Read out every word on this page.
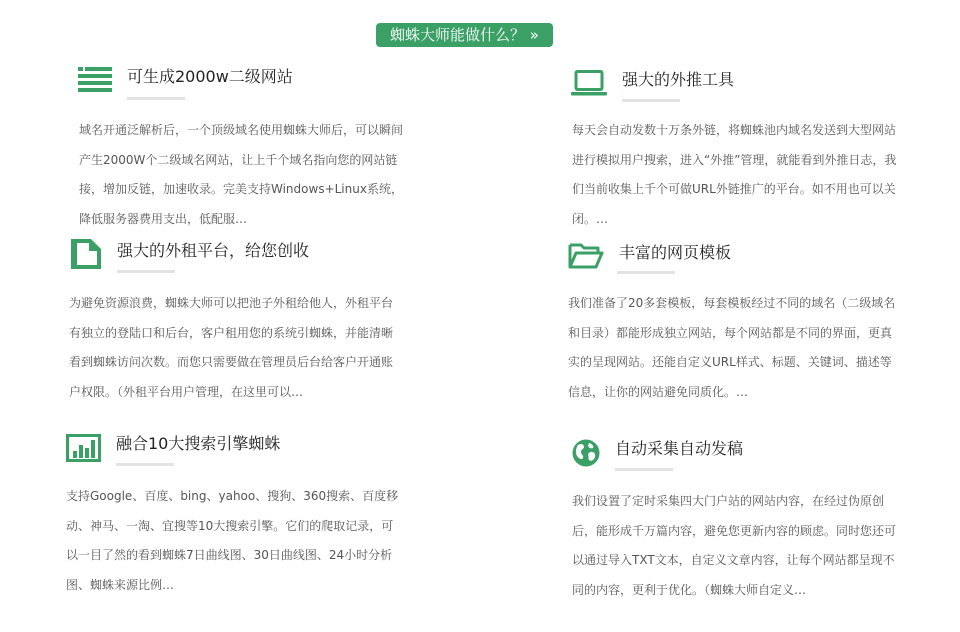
蜘蛛大师能做什么？ »
可生成2000w二级网站
域名开通泛解析后，一个顶级域名使用蜘蛛大师后，可以瞬间产生2000W个二级域名网站，让上千个域名指向您的网站链接，增加反链，加速收录。完美支持Windows+Linux系统，降低服务器费用支出，低配服…
强大的外推工具
每天会自动发数十万条外链，将蜘蛛池内域名发送到大型网站进行模拟用户搜索，进入“外推”管理，就能看到外推日志，我们当前收集上千个可做URL外链推广的平台。如不用也可以关闭。…
强大的外租平台，给您创收
为避免资源浪费，蜘蛛大师可以把池子外租给他人，外租平台有独立的登陆口和后台，客户租用您的系统引蜘蛛，并能清晰看到蜘蛛访问次数。而您只需要做在管理员后台给客户开通账户权限。（外租平台用户管理，在这里可以…
丰富的网页模板
我们准备了20多套模板，每套模板经过不同的域名（二级域名和目录）都能形成独立网站，每个网站都是不同的界面，更真实的呈现网站。还能自定义URL样式、标题、关键词、描述等信息，让你的网站避免同质化。…
融合10大搜索引擎蜘蛛
支持Google、百度、bing、yahoo、搜狗、360搜索、百度移动、神马、一淘、宜搜等10大搜索引擎。它们的爬取记录，可以一目了然的看到蜘蛛7日曲线图、30日曲线图、24小时分析图、蜘蛛来源比例…
自动采集自动发稿
我们设置了定时采集四大门户站的网站内容，在经过伪原创后，能形成千万篇内容，避免您更新内容的顾虑。同时您还可以通过导入TXT文本，自定义文章内容，让每个网站都呈现不同的内容，更利于优化。（蜘蛛大师自定义…
